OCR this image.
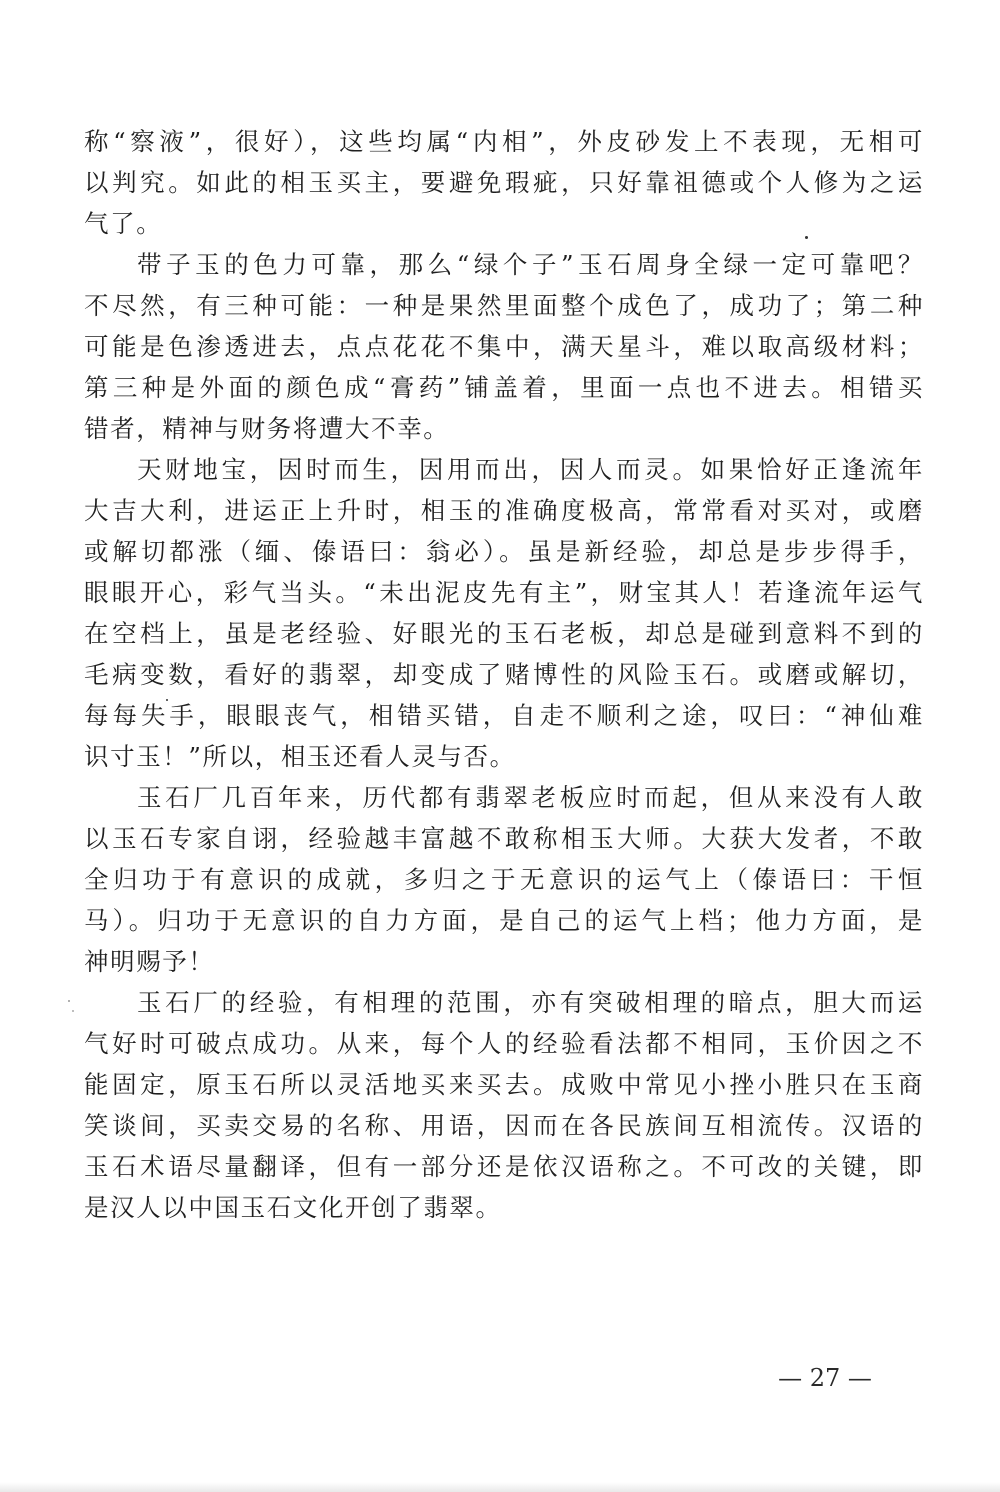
称“察液”，很好），这些均属“内相”，外皮砂发上不表现，无相可
以判究。如此的相玉买主，要避免瑕疵，只好靠祖德或个人修为之运
气了。
带子玉的色力可靠，那么“绿个子”玉石周身全绿一定可靠吧？
不尽然，有三种可能：一种是果然里面整个成色了，成功了；第二种
可能是色渗透进去，点点花花不集中，满天星斗，难以取高级材料；
第三种是外面的颜色成“膏药”铺盖着，里面一点也不进去。相错买
错者，精神与财务将遭大不幸。
天财地宝，因时而生，因用而出，因人而灵。如果恰好正逢流年
大吉大利，进运正上升时，相玉的准确度极高，常常看对买对，或磨
或解切都涨（缅、傣语曰：翁必）。虽是新经验，却总是步步得手，
眼眼开心，彩气当头。“未出泥皮先有主”，财宝其人！若逢流年运气
在空档上，虽是老经验、好眼光的玉石老板，却总是碰到意料不到的
毛病变数，看好的翡翠，却变成了赌博性的风险玉石。或磨或解切，
每每失手，眼眼丧气，相错买错，自走不顺利之途，叹曰：“神仙难
识寸玉！”所以，相玉还看人灵与否。
玉石厂几百年来，历代都有翡翠老板应时而起，但从来没有人敢
以玉石专家自诩，经验越丰富越不敢称相玉大师。大获大发者，不敢
全归功于有意识的成就，多归之于无意识的运气上（傣语曰：干恒
马）。归功于无意识的自力方面，是自己的运气上档；他力方面，是
神明赐予！
玉石厂的经验，有相理的范围，亦有突破相理的暗点，胆大而运
气好时可破点成功。从来，每个人的经验看法都不相同，玉价因之不
能固定，原玉石所以灵活地买来买去。成败中常见小挫小胜只在玉商
笑谈间，买卖交易的名称、用语，因而在各民族间互相流传。汉语的
玉石术语尽量翻译，但有一部分还是依汉语称之。不可改的关键，即
是汉人以中国玉石文化开创了翡翠。
— 27 —
